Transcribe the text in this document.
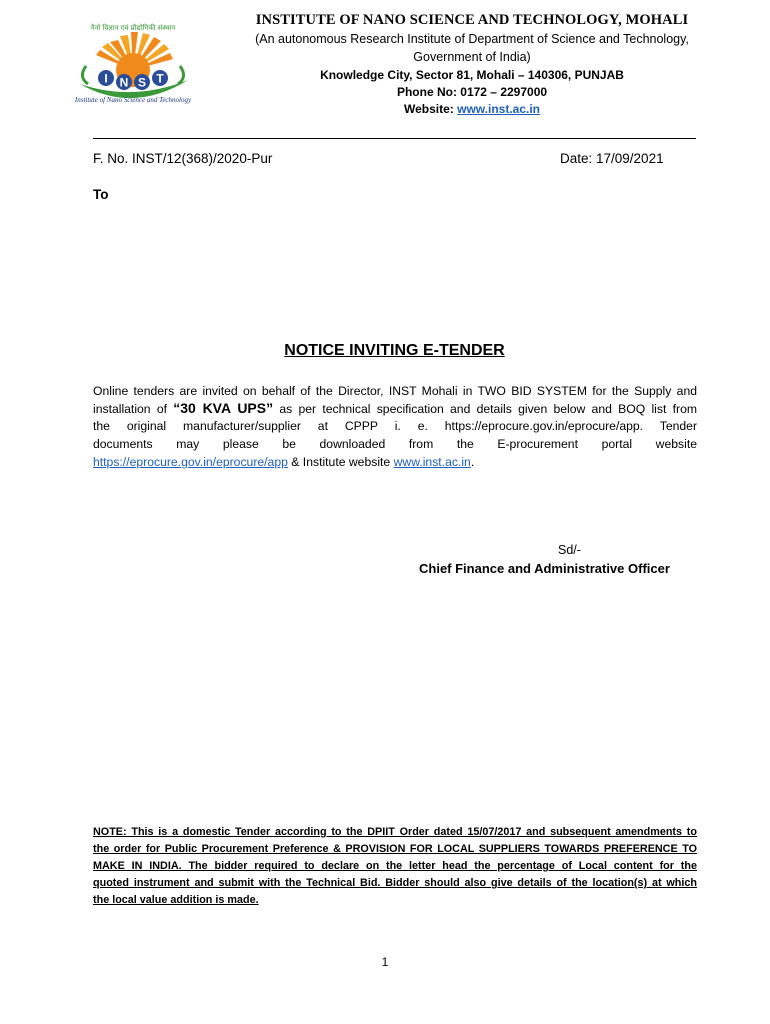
I N S T
Institute of Nano Science and Technology
नैनो विज्ञान एवं प्रौद्योगिकी संस्थान	INSTITUTE OF NANO SCIENCE AND TECHNOLOGY, MOHALI
(An autonomous Research Institute of Department of Science and Technology,
Government of India)
Knowledge City, Sector 81, Mohali – 140306, PUNJAB
Phone No: 0172 – 2297000
Website: www.inst.ac.in
F. No. INST/12(368)/2020-Pur	Date: 17/09/2021
To
NOTICE INVITING E-TENDER
Online tenders are invited on behalf of the Director, INST Mohali in TWO BID SYSTEM for the Supply and
installation of “30 KVA UPS” as per technical specification and details given below and BOQ list from
the original manufacturer/supplier at CPPP i. e. https://eprocure.gov.in/eprocure/app. Tender
documents may please be downloaded from the E-procurement portal website
https://eprocure.gov.in/eprocure/app & Institute website www.inst.ac.in.
Sd/-
Chief Finance and Administrative Officer
NOTE: This is a domestic Tender according to the DPIIT Order dated 15/07/2017 and subsequent amendments to
the order for Public Procurement Preference & PROVISION FOR LOCAL SUPPLIERS TOWARDS PREFERENCE TO
MAKE IN INDIA. The bidder required to declare on the letter head the percentage of Local content for the
quoted instrument and submit with the Technical Bid. Bidder should also give details of the location(s) at which
the local value addition is made.
1
